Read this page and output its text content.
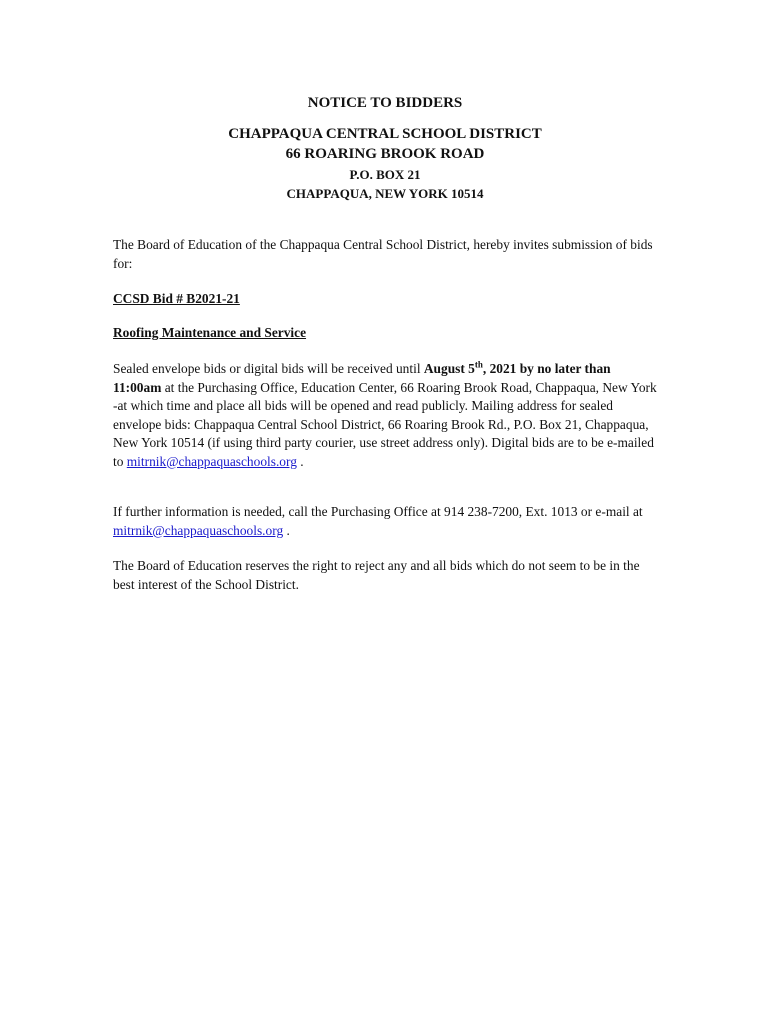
NOTICE TO BIDDERS

CHAPPAQUA CENTRAL SCHOOL DISTRICT

66 ROARING BROOK ROAD

P.O. BOX 21

CHAPPAQUA, NEW YORK 10514

The Board of Education of the Chappaqua Central School District, hereby invites submission of bids for:

CCSD Bid # B2021-21

Roofing Maintenance and Service

Sealed envelope bids or digital bids will be received until August 5th, 2021 by no later than 11:00am at the Purchasing Office, Education Center, 66 Roaring Brook Road, Chappaqua, New York -at which time and place all bids will be opened and read publicly. Mailing address for sealed envelope bids: Chappaqua Central School District, 66 Roaring Brook Rd., P.O. Box 21, Chappaqua, New York 10514 (if using third party courier, use street address only). Digital bids are to be e-mailed to mitrnik@chappaquaschools.org .

If further information is needed, call the Purchasing Office at 914 238-7200, Ext. 1013 or e-mail at mitrnik@chappaquaschools.org .

The Board of Education reserves the right to reject any and all bids which do not seem to be in the best interest of the School District.
